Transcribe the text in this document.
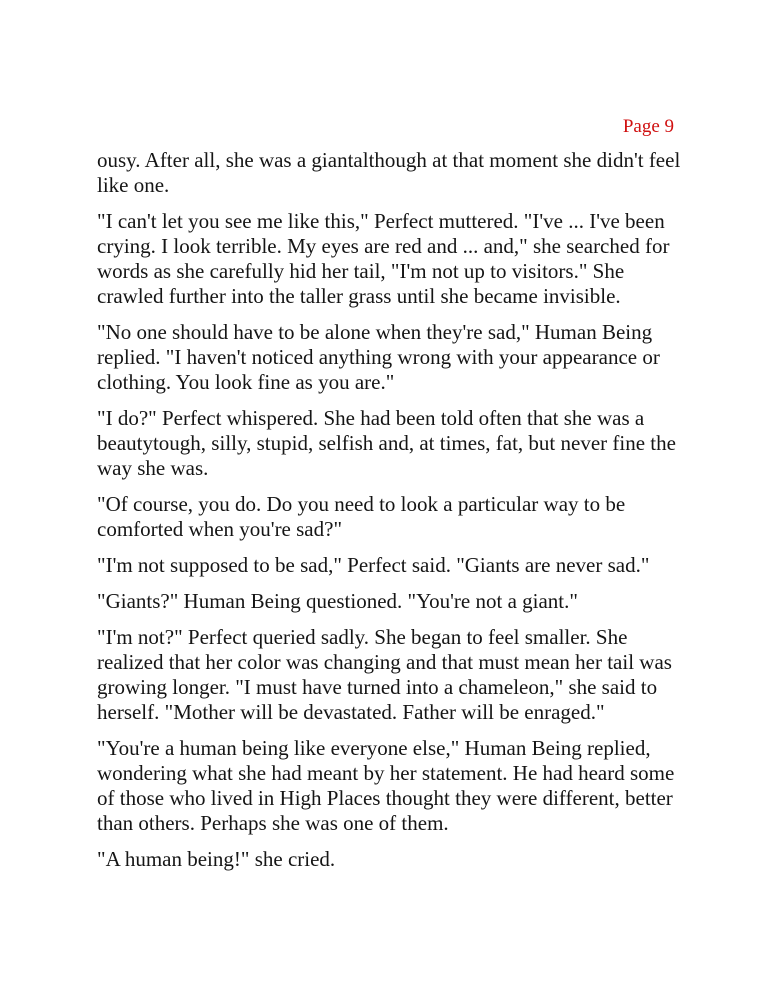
Page 9

ousy. After all, she was a giantalthough at that moment she didn't feel like one.

"I can't let you see me like this," Perfect muttered. "I've ... I've been crying. I look terrible. My eyes are red and ... and," she searched for words as she carefully hid her tail, "I'm not up to visitors." She crawled further into the taller grass until she became invisible.

"No one should have to be alone when they're sad," Human Being replied. "I haven't noticed anything wrong with your appearance or clothing. You look fine as you are."

"I do?" Perfect whispered. She had been told often that she was a beautytough, silly, stupid, selfish and, at times, fat, but never fine the way she was.

"Of course, you do. Do you need to look a particular way to be comforted when you're sad?"

"I'm not supposed to be sad," Perfect said. "Giants are never sad."

"Giants?" Human Being questioned. "You're not a giant."

"I'm not?" Perfect queried sadly. She began to feel smaller. She realized that her color was changing and that must mean her tail was growing longer. "I must have turned into a chameleon," she said to herself. "Mother will be devastated. Father will be enraged."

"You're a human being like everyone else," Human Being replied, wondering what she had meant by her statement. He had heard some of those who lived in High Places thought they were different, better than others. Perhaps she was one of them.

"A human being!" she cried.
